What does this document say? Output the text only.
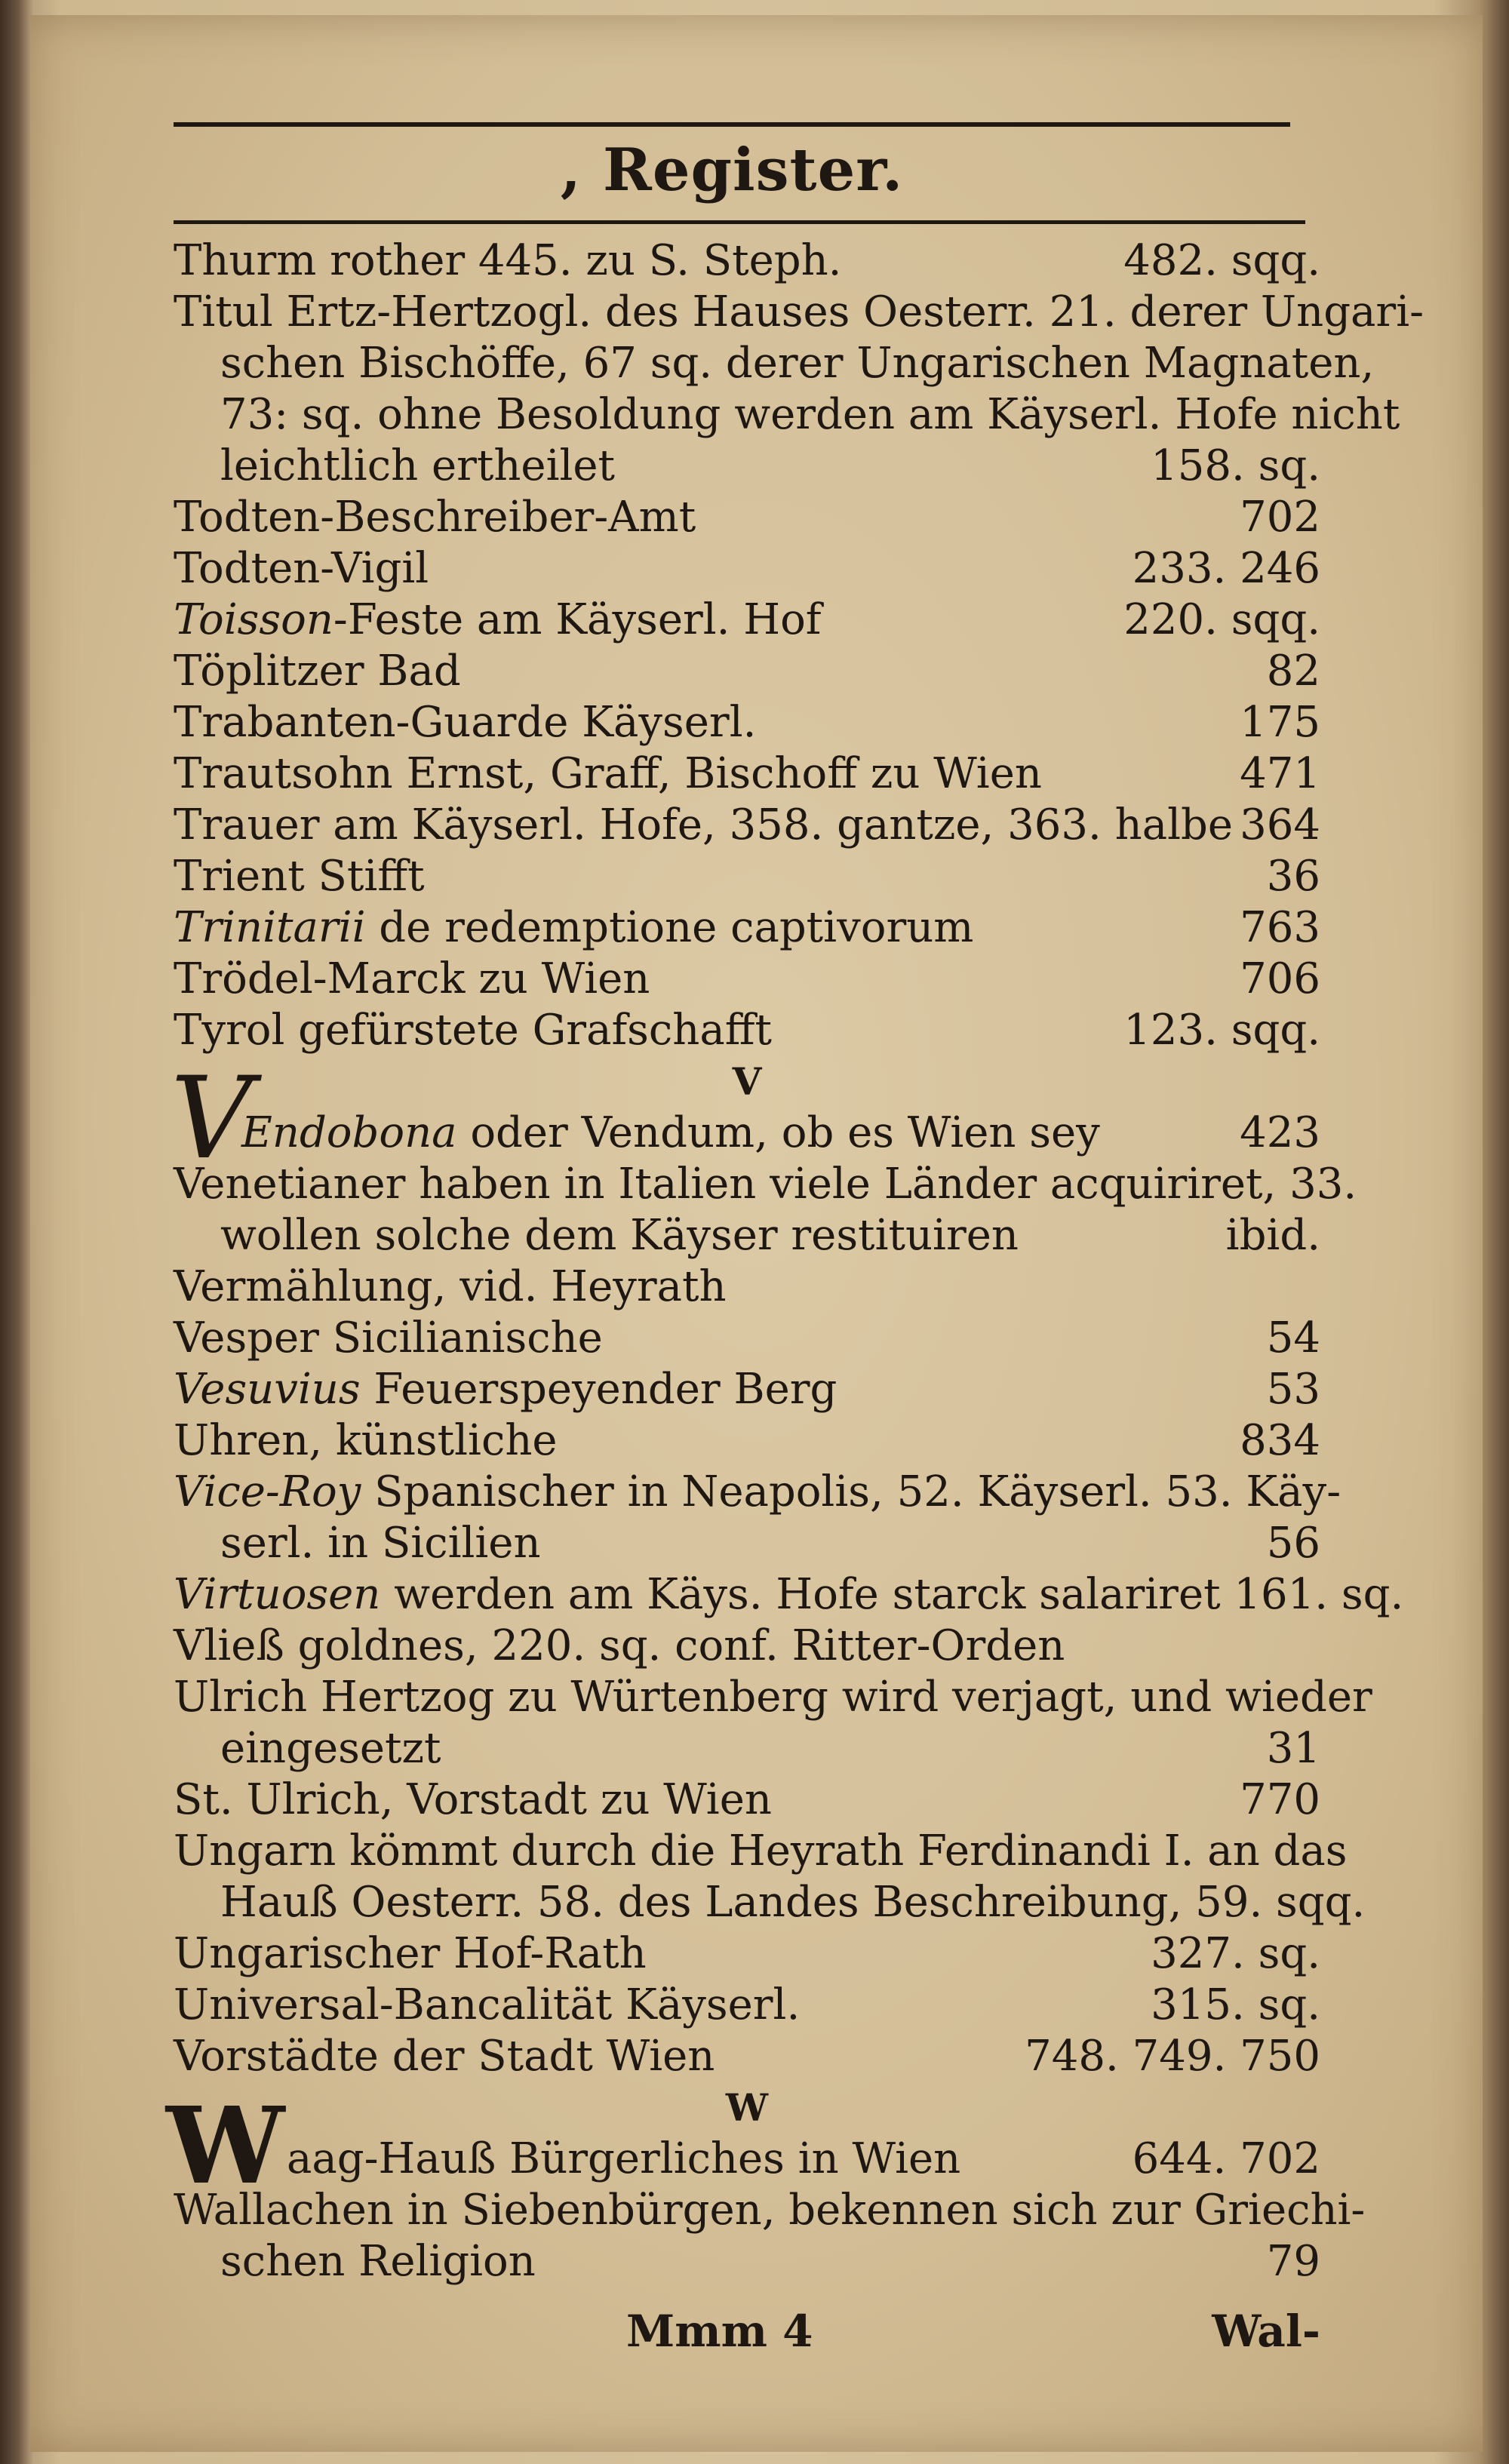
, Register.
Thurm rother 445. zu S. Steph.	482. sqq.
Titul Ertz-Hertzogl. des Hauses Oesterr. 21. derer Ungari-
schen Bischöffe, 67 sq. derer Ungarischen Magnaten,
73: sq. ohne Besoldung werden am Käyserl. Hofe nicht
leichtlich ertheilet	158. sq.
Todten-Beschreiber-Amt	702
Todten-Vigil	233. 246
Toisson-Feste am Käyserl. Hof	220. sqq.
Töplitzer Bad	82
Trabanten-Guarde Käyserl.	175
Trautsohn Ernst, Graff, Bischoff zu Wien	471
Trauer am Käyserl. Hofe, 358. gantze, 363. halbe 364
Trient Stifft	36
Trinitarii de redemptione captivorum	763
Trödel-Marck zu Wien	706
Tyrol gefürstete Grafschafft	123. sqq.
V
V
Endobona oder Vendum, ob es Wien sey	423
Venetianer haben in Italien viele Länder acquiriret, 33.
wollen solche dem Käyser restituiren	ibid.
Vermählung, vid. Heyrath
Vesper Sicilianische	54
Vesuvius Feuerspeyender Berg	53
Uhren, künstliche	834
Vice-Roy Spanischer in Neapolis, 52. Käyserl. 53. Käy-
serl. in Sicilien	56
Virtuosen werden am Käys. Hofe starck salariret 161. sq.
Vließ goldnes, 220. sq. conf. Ritter-Orden
Ulrich Hertzog zu Würtenberg wird verjagt, und wieder
eingesetzt	31
St. Ulrich, Vorstadt zu Wien	770
Ungarn kömmt durch die Heyrath Ferdinandi I. an das
Hauß Oesterr. 58. des Landes Beschreibung, 59. sqq.
Ungarischer Hof-Rath	327. sq.
Universal-Bancalität Käyserl.	315. sq.
Vorstädte der Stadt Wien	748. 749. 750
W
W aag-Hauß Bürgerliches in Wien	644. 702
Wallachen in Siebenbürgen, bekennen sich zur Griechi-
schen Religion	79
Mmm 4	Wal-
